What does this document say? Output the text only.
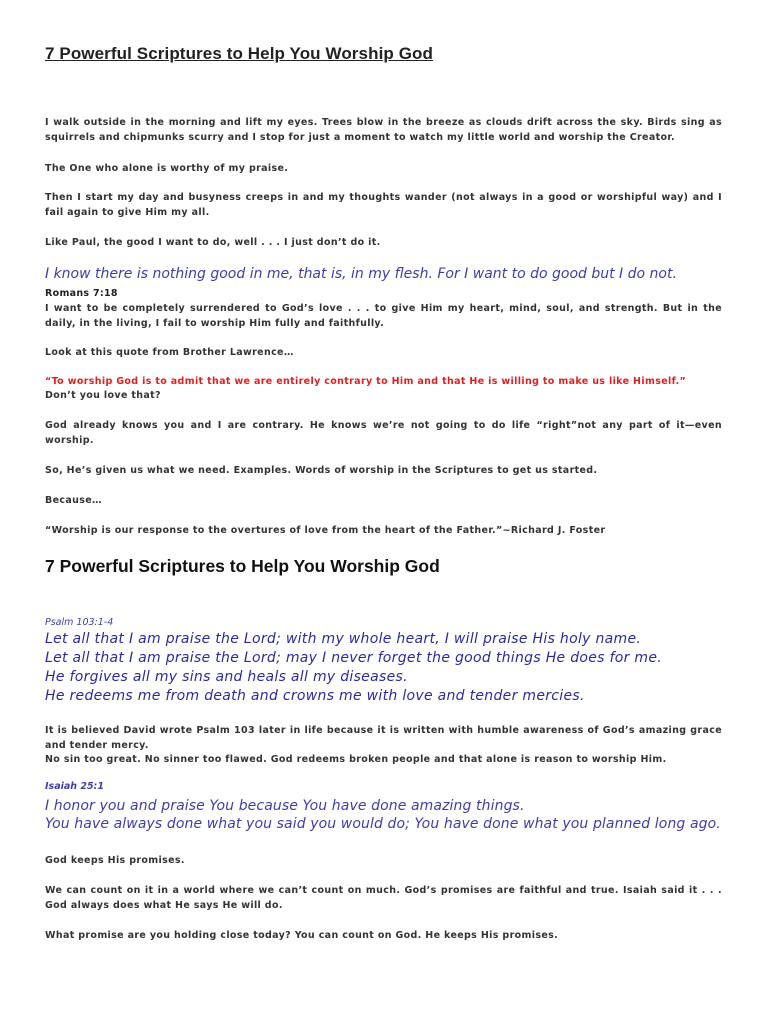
7 Powerful Scriptures to Help You Worship God

I walk outside in the morning and lift my eyes. Trees blow in the breeze as clouds drift across the sky. Birds sing as squirrels and chipmunks scurry and I stop for just a moment to watch my little world and worship the Creator.

The One who alone is worthy of my praise.

Then I start my day and busyness creeps in and my thoughts wander (not always in a good or worshipful way) and I fail again to give Him my all.

Like Paul, the good I want to do, well . . . I just don’t do it.

I know there is nothing good in me, that is, in my flesh. For I want to do good but I do not. Romans 7:18

I want to be completely surrendered to God’s love . . . to give Him my heart, mind, soul, and strength. But in the daily, in the living, I fail to worship Him fully and faithfully.

Look at this quote from Brother Lawrence…

“To worship God is to admit that we are entirely contrary to Him and that He is willing to make us like Himself.”

Don’t you love that?

God already knows you and I are contrary. He knows we’re not going to do life “right”not any part of it—even worship.

So, He’s given us what we need. Examples. Words of worship in the Scriptures to get us started.

Because…

“Worship is our response to the overtures of love from the heart of the Father.”~Richard J. Foster

7 Powerful Scriptures to Help You Worship God

Psalm 103:1-4

Let all that I am praise the Lord; with my whole heart, I will praise His holy name.
Let all that I am praise the Lord; may I never forget the good things He does for me.
He forgives all my sins and heals all my diseases.
He redeems me from death and crowns me with love and tender mercies.

It is believed David wrote Psalm 103 later in life because it is written with humble awareness of God’s amazing grace and tender mercy.

No sin too great. No sinner too flawed. God redeems broken people and that alone is reason to worship Him.

Isaiah 25:1

I honor you and praise You because You have done amazing things.
You have always done what you said you would do; You have done what you planned long ago.

God keeps His promises.

We can count on it in a world where we can’t count on much. God’s promises are faithful and true. Isaiah said it . . . God always does what He says He will do.

What promise are you holding close today? You can count on God. He keeps His promises.
